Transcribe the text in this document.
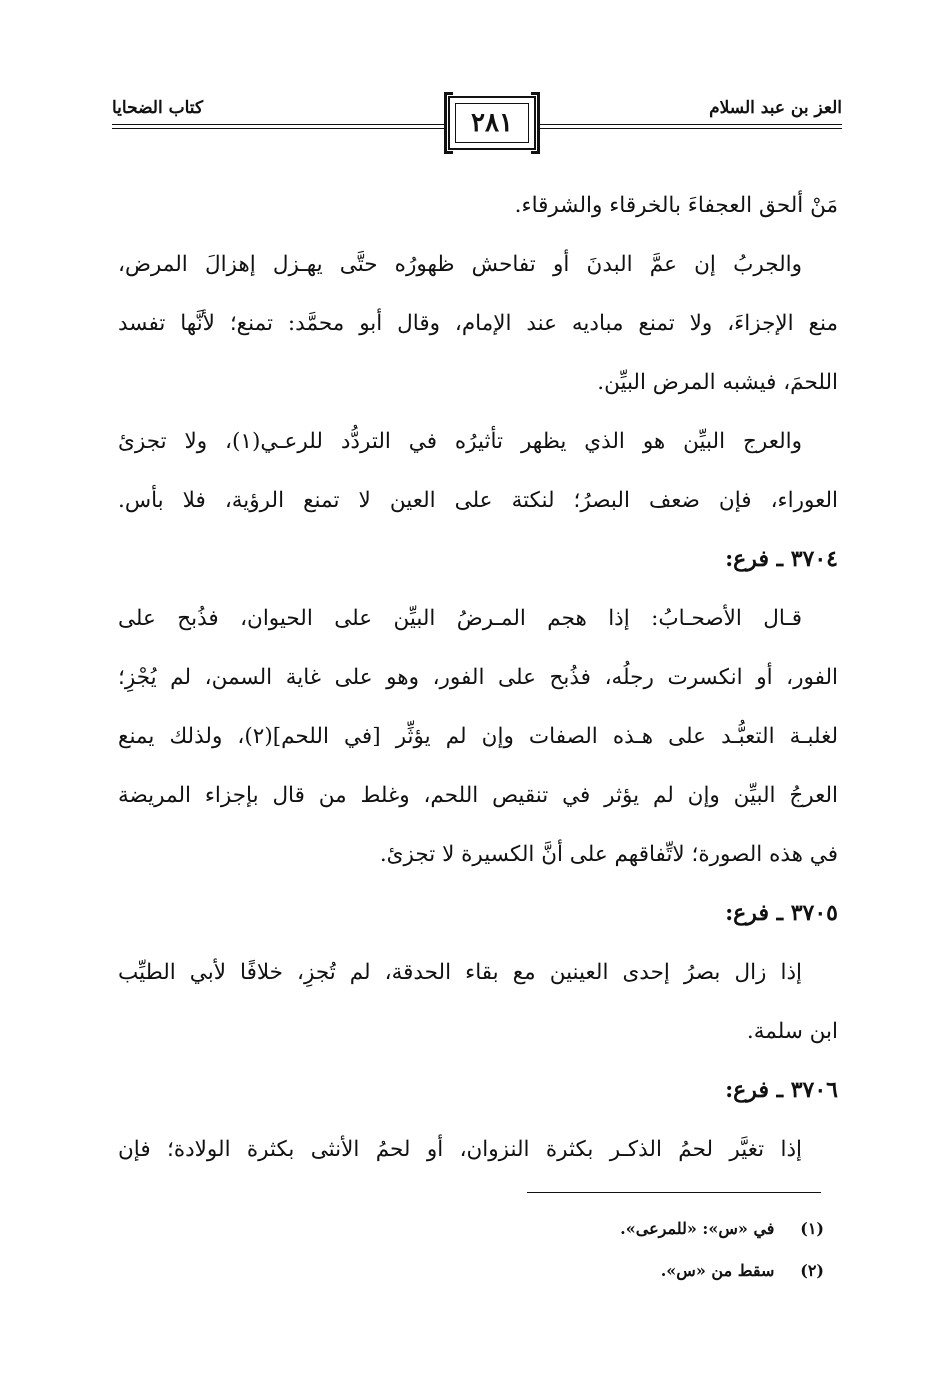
العز بن عبد السلام
كتاب الضحايا	٢٨١
مَنْ ألحق العجفاءَ بالخرقاء والشرقاء.
والجربُ إن عمَّ البدنَ أو تفاحش ظهورُه حتَّى يهـزل إهزالَ المرض،
منع الإجزاءَ، ولا تمنع مباديه عند الإمام، وقال أبو محمَّد: تمنع؛ لأنَّها تفسد
اللحمَ، فيشبه المرض البيِّن.
والعرج البيِّن هو الذي يظهر تأثيرُه في التردُّد للرعـي(١)، ولا تجزئ
العوراء، فإن ضعف البصرُ؛ لنكتة على العين لا تمنع الرؤية، فلا بأس.
٣٧٠٤ ـ فرع:
قـال الأصحـابُ: إذا هجم المـرضُ البيِّن على الحيوان، فذُبح على
الفور، أو انكسرت رجلُه، فذُبح على الفور، وهو على غاية السمن، لم يُجْزِ؛
لغلبـة التعبُّـد على هـذه الصفات وإن لم يؤثِّر [في اللحم](٢)، ولذلك يمنع
العرجُ البيِّن وإن لم يؤثر في تنقيص اللحم، وغلط من قال بإجزاء المريضة
في هذه الصورة؛ لاتِّفاقهم على أنَّ الكسيرة لا تجزئ.
٣٧٠٥ ـ فرع:
إذا زال بصرُ إحدى العينين مع بقاء الحدقة، لم تُجزِ، خلافًا لأبي الطيِّب
ابن سلمة.
٣٧٠٦ ـ فرع:
إذا تغيَّر لحمُ الذكـر بكثرة النزوان، أو لحمُ الأنثى بكثرة الولادة؛ فإن
(١) في «س»: «للمرعى».
(٢) سقط من «س».
